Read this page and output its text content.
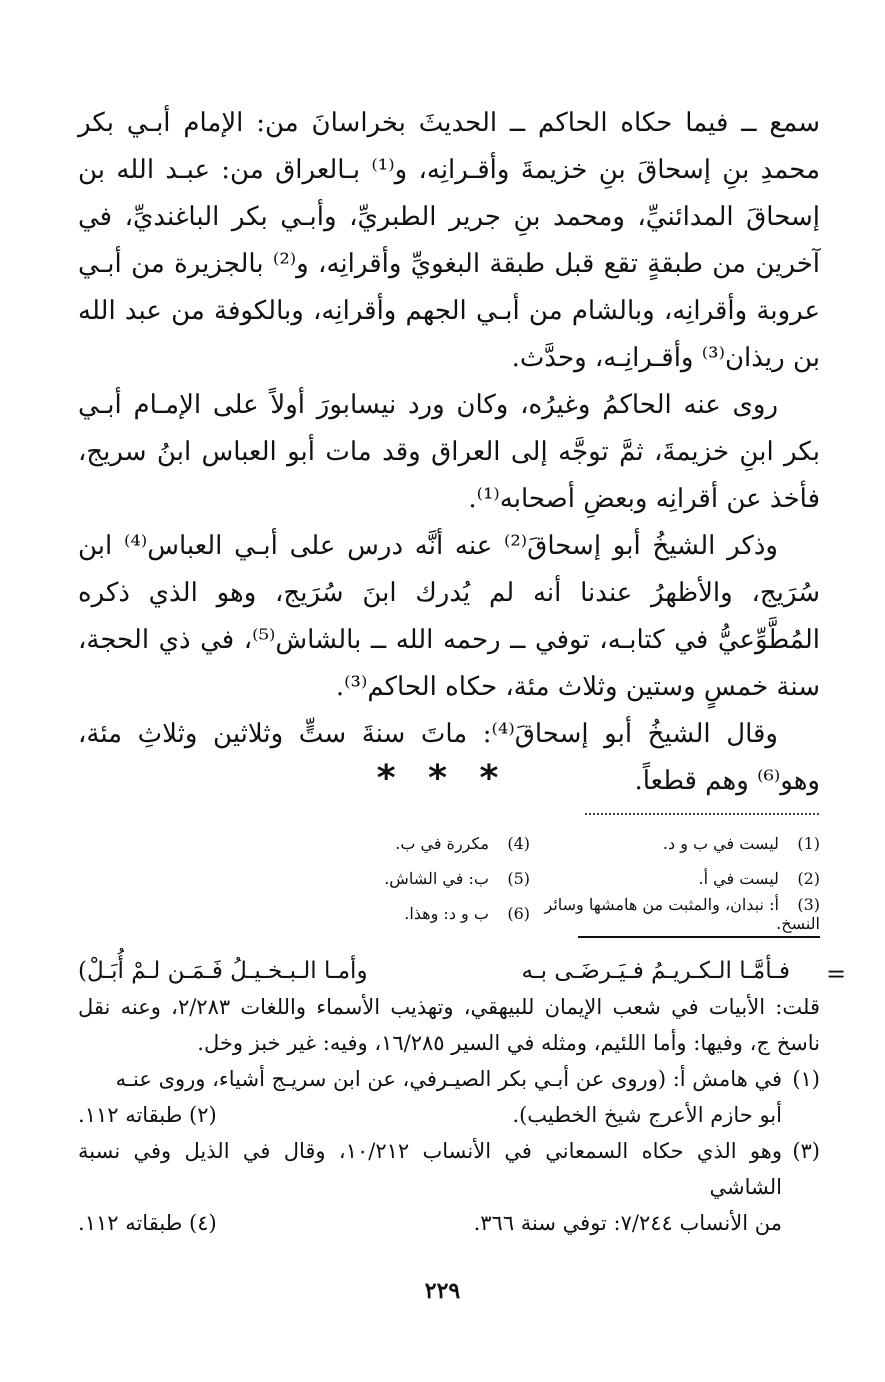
سمع ــ فيما حكاه الحاكم ــ الحديثَ بخراسانَ من: الإمام أبـي بكر محمدِ بنِ إسحاقَ بنِ خزيمةَ وأقـرانِه، و⁽¹⁾ بـالعراق من: عبـد الله بن إسحاقَ المدائنيِّ، ومحمد بنِ جرير الطبريِّ، وأبـي بكر الباغنديِّ، في آخرين من طبقةٍ تقع قبل طبقة البغويِّ وأقرانِه، و⁽²⁾ بالجزيرة من أبـي عروبة وأقرانِه، وبالشام من أبـي الجهم وأقرانِه، وبالكوفة من عبد الله بن ريذان⁽³⁾ وأقـرانِـه، وحدَّث.

روى عنه الحاكمُ وغيرُه، وكان ورد نيسابورَ أولاً على الإمـام أبـي بكر ابنِ خزيمةَ، ثمَّ توجَّه إلى العراق وقد مات أبو العباس ابنُ سريج، فأخذ عن أقرانِه وبعضِ أصحابه⁽¹⁾.

وذكر الشيخُ أبو إسحاقَ⁽²⁾ عنه أنَّه درس على أبـي العباس⁽⁴⁾ ابن سُرَيج، والأظهرُ عندنا أنه لم يُدرك ابنَ سُرَيج، وهو الذي ذكره المُطَّوِّعيُّ في كتابـه، توفي ــ رحمه الله ــ بالشاش⁽⁵⁾، في ذي الحجة، سنة خمسٍ وستين وثلاث مئة، حكاه الحاكم⁽³⁾.

وقال الشيخُ أبو إسحاقَ⁽⁴⁾: ماتَ سنةَ ستٍّ وثلاثين وثلاثِ مئة، وهو⁽⁶⁾ وهم قطعاً.

* * *
(1) ليست في ب و د.
(4) مكررة في ب.
(2) ليست في أ.
(5) ب: في الشاش.
(3) أ: نبدان، والمثبت من هامشها وسائر النسخ.
(6) ب و د: وهذا.
=
فـأمَّـا الـكـريـمُ فـيَـرضَـى بـه
وأمـا الـبـخـيـلُ فَـمَـن لـمْ أُبَـلْ)

قلت: الأبيات في شعب الإيمان للبيهقي، وتهذيب الأسماء واللغات ٢/٢٨٣، وعنه نقل ناسخ ج، وفيها: وأما اللئيم، ومثله في السير ١٦/٢٨٥، وفيه: غير خبز وخل.

(١)
في هامش أ: (وروى عن أبـي بكر الصيـرفي، عن ابن سريـج أشياء، وروى عنـه
أبو حازم الأعرج شيخ الخطيب).
(٢) طبقاته ١١٢.
(٣)
وهو الذي حكاه السمعاني في الأنساب ١٠/٢١٢، وقال في الذيل وفي نسبة الشاشي
من الأنساب ٧/٢٤٤: توفي سنة ٣٦٦.
(٤) طبقاته ١١٢.
٢٢٩
